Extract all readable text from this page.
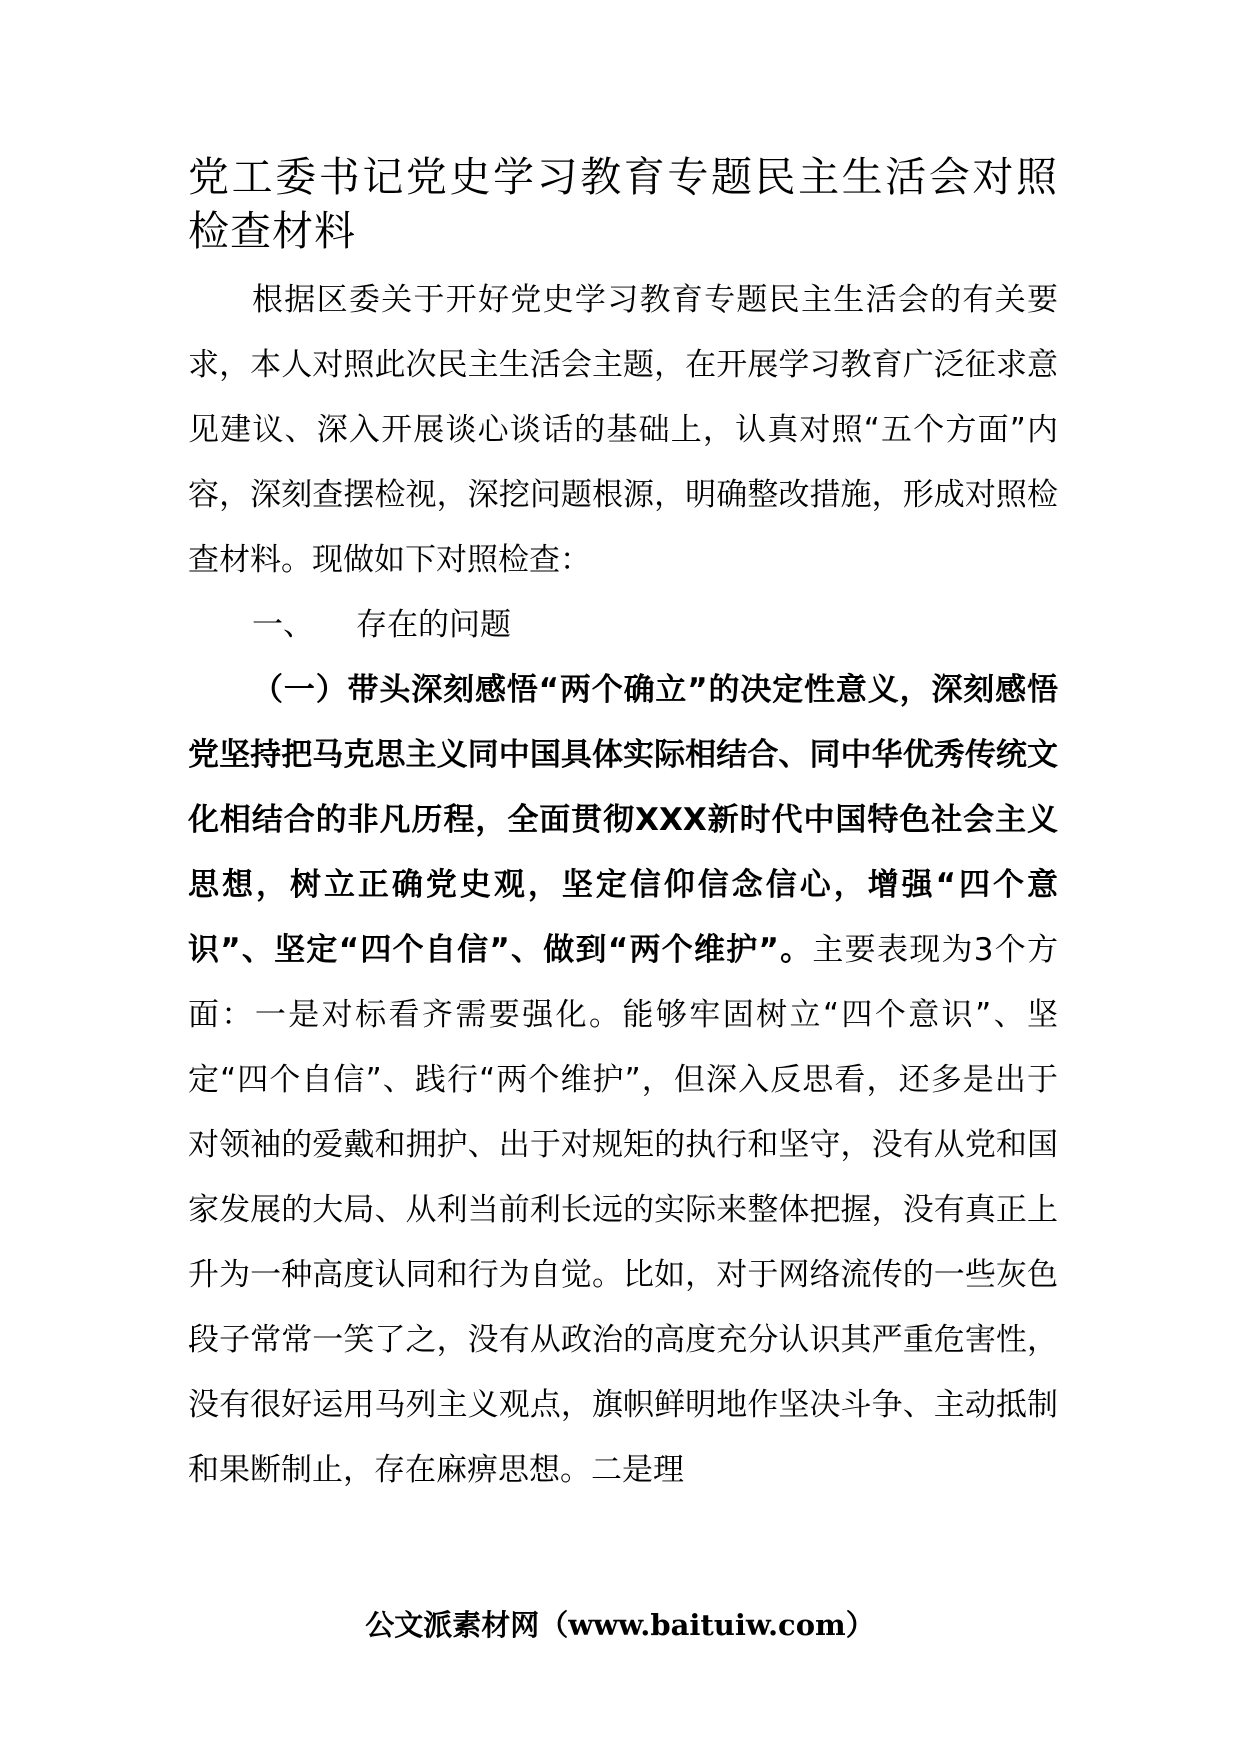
党工委书记党史学习教育专题民主生活会对照检查材料

根据区委关于开好党史学习教育专题民主生活会的有关要求，本人对照此次民主生活会主题，在开展学习教育广泛征求意见建议、深入开展谈心谈话的基础上，认真对照“五个方面”内容，深刻查摆检视，深挖问题根源，明确整改措施，形成对照检查材料。现做如下对照检查：

一、 存在的问题

（一）带头深刻感悟“两个确立”的决定性意义，深刻感悟党坚持把马克思主义同中国具体实际相结合、同中华优秀传统文化相结合的非凡历程，全面贯彻XXX新时代中国特色社会主义思想，树立正确党史观，坚定信仰信念信心，增强“四个意识”、坚定“四个自信”、做到“两个维护”。主要表现为3个方面：一是对标看齐需要强化。能够牢固树立“四个意识”、坚定“四个自信”、践行“两个维护”，但深入反思看，还多是出于对领袖的爱戴和拥护、出于对规矩的执行和坚守，没有从党和国家发展的大局、从利当前利长远的实际来整体把握，没有真正上升为一种高度认同和行为自觉。比如，对于网络流传的一些灰色段子常常一笑了之，没有从政治的高度充分认识其严重危害性，没有很好运用马列主义观点，旗帜鲜明地作坚决斗争、主动抵制和果断制止，存在麻痹思想。二是理

公文派素材网（www.baituiw.com）
